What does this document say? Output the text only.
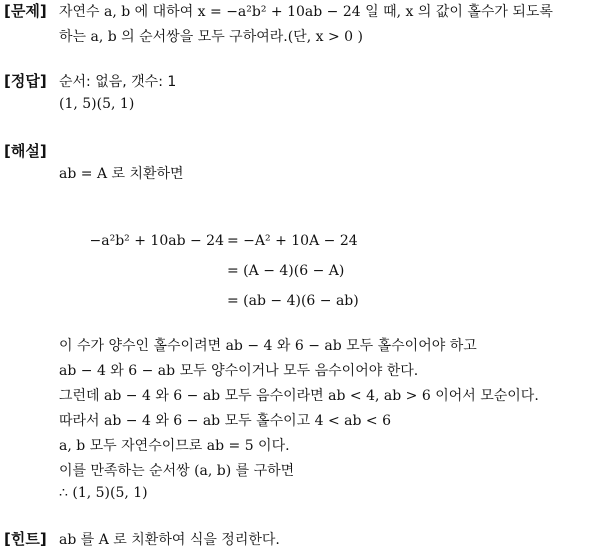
[문제] 자연수 a, b 에 대하여 x = −a²b² + 10ab − 24 일 때, x 의 값이 홀수가 되도록
하는 a, b 의 순서쌍을 모두 구하여라.(단, x > 0 )
[정답] 순서: 없음, 갯수: 1
(1, 5)(5, 1)
[해설]
ab = A 로 치환하면
−a²b² + 10ab − 24 = −A² + 10A − 24
= (A − 4)(6 − A)
= (ab − 4)(6 − ab)
이 수가 양수인 홀수이려면 ab − 4 와 6 − ab 모두 홀수이어야 하고
ab − 4 와 6 − ab 모두 양수이거나 모두 음수이어야 한다.
그런데 ab − 4 와 6 − ab 모두 음수이라면 ab < 4, ab > 6 이어서 모순이다.
따라서 ab − 4 와 6 − ab 모두 홀수이고 4 < ab < 6
a, b 모두 자연수이므로 ab = 5 이다.
이를 만족하는 순서쌍 (a, b) 를 구하면
∴ (1, 5)(5, 1)
[힌트] ab 를 A 로 치환하여 식을 정리한다.
